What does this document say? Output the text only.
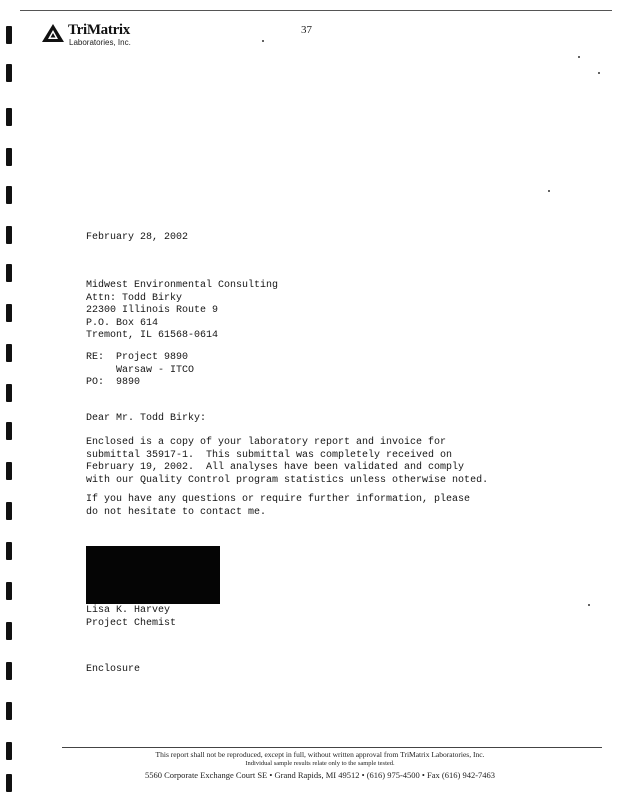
TriMatrix
Laboratories, Inc.
37

February 28, 2002

Midwest Environmental Consulting

Attn: Todd Birky

22300 Illinois Route 9

P.O. Box 614

Tremont, IL 61568-0614

RE:	Project 9890
Warsaw - ITCO
PO:	9890

Dear Mr. Todd Birky:

Enclosed is a copy of your laboratory report and invoice for
submittal 35917-1.  This submittal was completely received on
February 19, 2002.  All analyses have been validated and comply
with our Quality Control program statistics unless otherwise noted.

If you have any questions or require further information, please
do not hesitate to contact me.

Lisa K. Harvey

Project Chemist

Enclosure

This report shall not be reproduced, except in full, without written approval from TriMatrix Laboratories, Inc.
Individual sample results relate only to the sample tested.
5560 Corporate Exchange Court SE • Grand Rapids, MI 49512 • (616) 975-4500 • Fax (616) 942-7463
